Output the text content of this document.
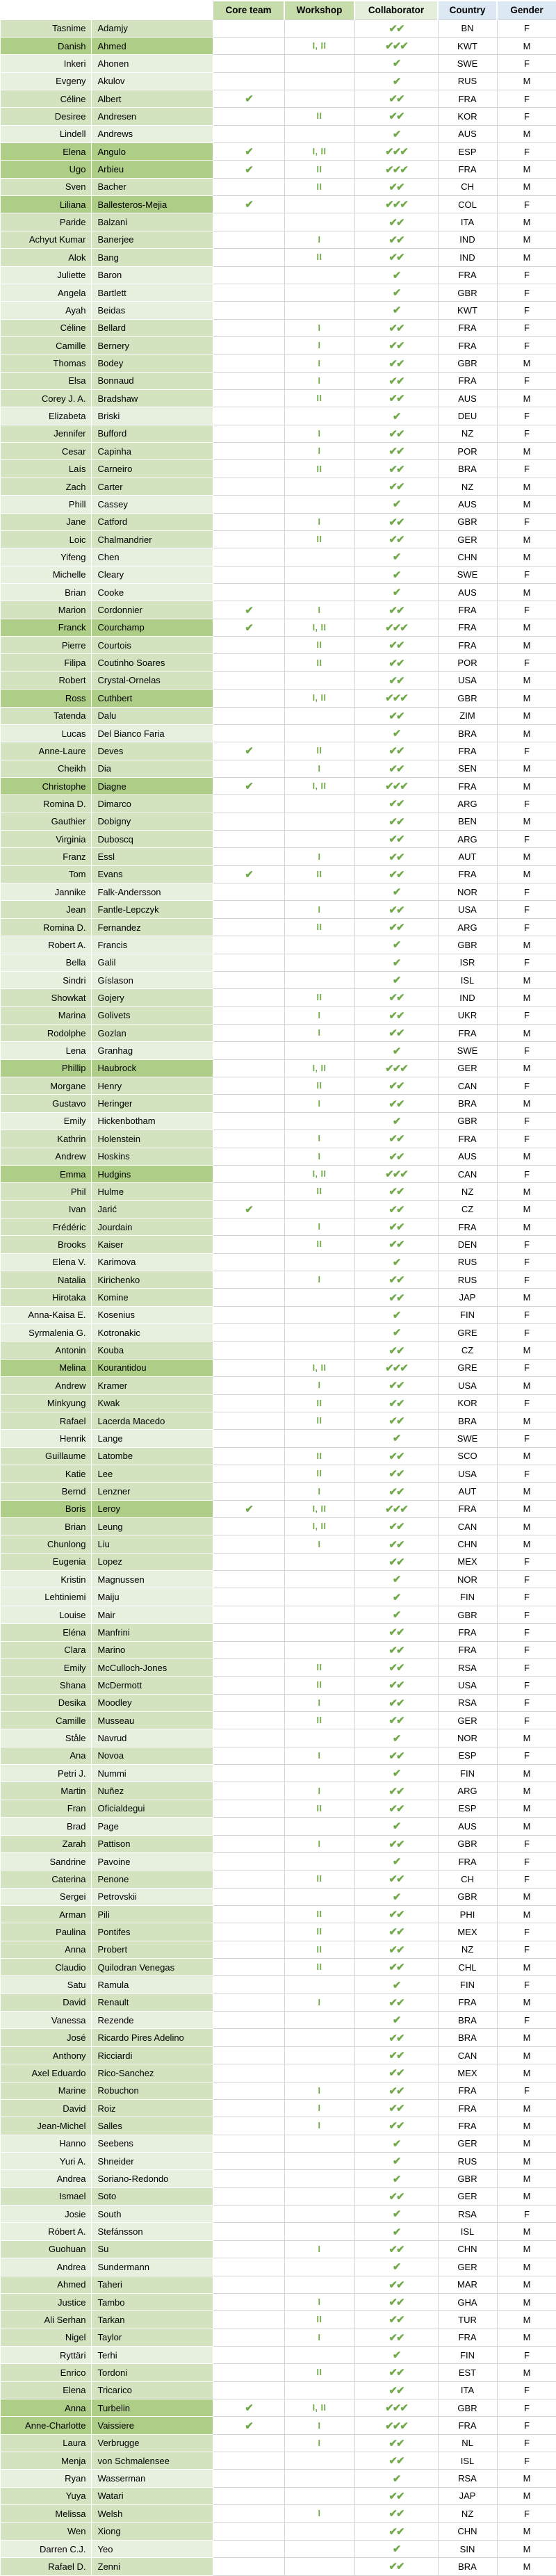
		Core team	Workshop	Collaborator	Country	Gender
Tasnime	Adamjy			✔✔	BN	F
Danish	Ahmed		I, II	✔✔✔	KWT	M
Inkeri	Ahonen			✔	SWE	F
Evgeny	Akulov			✔	RUS	M
Céline	Albert	✔		✔✔	FRA	F
Desiree	Andresen		II	✔✔	KOR	F
Lindell	Andrews			✔	AUS	M
Elena	Angulo	✔	I, II	✔✔✔	ESP	F
Ugo	Arbieu	✔	II	✔✔✔	FRA	M
Sven	Bacher		II	✔✔	CH	M
Liliana	Ballesteros-Mejia	✔		✔✔✔	COL	F
Paride	Balzani			✔✔	ITA	M
Achyut Kumar	Banerjee		I	✔✔	IND	M
Alok	Bang		II	✔✔	IND	M
Juliette	Baron			✔	FRA	F
Angela	Bartlett			✔	GBR	F
Ayah	Beidas			✔	KWT	F
Céline	Bellard		I	✔✔	FRA	F
Camille	Bernery		I	✔✔	FRA	F
Thomas	Bodey		I	✔✔	GBR	M
Elsa	Bonnaud		I	✔✔	FRA	F
Corey J. A.	Bradshaw		II	✔✔	AUS	M
Elizabeta	Briski			✔	DEU	F
Jennifer	Bufford		I	✔✔	NZ	F
Cesar	Capinha		I	✔✔	POR	M
Laís	Carneiro		II	✔✔	BRA	F
Zach	Carter			✔✔	NZ	M
Phill	Cassey			✔	AUS	M
Jane	Catford		I	✔✔	GBR	F
Loic	Chalmandrier		II	✔✔	GER	M
Yifeng	Chen			✔	CHN	M
Michelle	Cleary			✔	SWE	F
Brian	Cooke			✔	AUS	M
Marion	Cordonnier	✔	I	✔✔	FRA	F
Franck	Courchamp	✔	I, II	✔✔✔	FRA	M
Pierre	Courtois		II	✔✔	FRA	M
Filipa	Coutinho Soares		II	✔✔	POR	F
Robert	Crystal-Ornelas			✔✔	USA	M
Ross	Cuthbert		I, II	✔✔✔	GBR	M
Tatenda	Dalu			✔✔	ZIM	M
Lucas	Del Bianco Faria			✔	BRA	M
Anne-Laure	Deves	✔	II	✔✔	FRA	F
Cheikh	Dia		I	✔✔	SEN	M
Christophe	Diagne	✔	I, II	✔✔✔	FRA	M
Romina D.	Dimarco			✔✔	ARG	F
Gauthier	Dobigny			✔✔	BEN	M
Virginia	Duboscq			✔✔	ARG	F
Franz	Essl		I	✔✔	AUT	M
Tom	Evans	✔	II	✔✔	FRA	M
Jannike	Falk-Andersson			✔	NOR	F
Jean	Fantle-Lepczyk		I	✔✔	USA	F
Romina D.	Fernandez		II	✔✔	ARG	F
Robert A.	Francis			✔	GBR	M
Bella	Galil			✔	ISR	F
Sindri	Gíslason			✔	ISL	M
Showkat	Gojery		II	✔✔	IND	M
Marina	Golivets		I	✔✔	UKR	F
Rodolphe	Gozlan		I	✔✔	FRA	M
Lena	Granhag			✔	SWE	F
Phillip	Haubrock		I, II	✔✔✔	GER	M
Morgane	Henry		II	✔✔	CAN	F
Gustavo	Heringer		I	✔✔	BRA	M
Emily	Hickenbotham			✔	GBR	F
Kathrin	Holenstein		I	✔✔	FRA	F
Andrew	Hoskins		I	✔✔	AUS	M
Emma	Hudgins		I, II	✔✔✔	CAN	F
Phil	Hulme		II	✔✔	NZ	M
Ivan	Jarić	✔		✔✔	CZ	M
Frédéric	Jourdain		I	✔✔	FRA	M
Brooks	Kaiser		II	✔✔	DEN	F
Elena V.	Karimova			✔	RUS	F
Natalia	Kirichenko		I	✔✔	RUS	F
Hirotaka	Komine			✔✔	JAP	M
Anna-Kaisa E.	Kosenius			✔	FIN	F
Syrmalenia G.	Kotronakic			✔	GRE	F
Antonin	Kouba			✔✔	CZ	M
Melina	Kourantidou		I, II	✔✔✔	GRE	F
Andrew	Kramer		I	✔✔	USA	M
Minkyung	Kwak		II	✔✔	KOR	F
Rafael	Lacerda Macedo		II	✔✔	BRA	M
Henrik	Lange			✔	SWE	F
Guillaume	Latombe		II	✔✔	SCO	M
Katie	Lee		II	✔✔	USA	F
Bernd	Lenzner		I	✔✔	AUT	M
Boris	Leroy	✔	I, II	✔✔✔	FRA	M
Brian	Leung		I, II	✔✔	CAN	M
Chunlong	Liu		I	✔✔	CHN	M
Eugenia	Lopez			✔✔	MEX	F
Kristin	Magnussen			✔	NOR	F
Lehtiniemi	Maiju			✔	FIN	F
Louise	Mair			✔	GBR	F
Eléna	Manfrini			✔✔	FRA	F
Clara	Marino			✔✔	FRA	F
Emily	McCulloch-Jones		II	✔✔	RSA	F
Shana	McDermott		II	✔✔	USA	F
Desika	Moodley		I	✔✔	RSA	F
Camille	Musseau		II	✔✔	GER	F
Ståle	Navrud			✔	NOR	M
Ana	Novoa		I	✔✔	ESP	F
Petri J.	Nummi			✔	FIN	M
Martin	Nuñez		I	✔✔	ARG	M
Fran	Oficialdegui		II	✔✔	ESP	M
Brad	Page			✔	AUS	M
Zarah	Pattison		I	✔✔	GBR	F
Sandrine	Pavoine			✔	FRA	F
Caterina	Penone		II	✔✔	CH	F
Sergei	Petrovskii			✔	GBR	M
Arman	Pili		II	✔✔	PHI	M
Paulina	Pontifes		II	✔✔	MEX	F
Anna	Probert		II	✔✔	NZ	F
Claudio	Quilodran Venegas		II	✔✔	CHL	M
Satu	Ramula			✔	FIN	F
David	Renault		I	✔✔	FRA	M
Vanessa	Rezende			✔	BRA	F
José	Ricardo Pires Adelino			✔✔	BRA	M
Anthony	Ricciardi			✔✔	CAN	M
Axel Eduardo	Rico-Sanchez			✔✔	MEX	M
Marine	Robuchon		I	✔✔	FRA	F
David	Roiz		I	✔✔	FRA	M
Jean-Michel	Salles		I	✔✔	FRA	M
Hanno	Seebens			✔	GER	M
Yuri A.	Shneider			✔	RUS	M
Andrea	Soriano-Redondo			✔	GBR	M
Ismael	Soto			✔✔	GER	M
Josie	South			✔	RSA	F
Róbert A.	Stefánsson			✔	ISL	M
Guohuan	Su		I	✔✔	CHN	M
Andrea	Sundermann			✔	GER	M
Ahmed	Taheri			✔✔	MAR	M
Justice	Tambo		I	✔✔	GHA	M
Ali Serhan	Tarkan		II	✔✔	TUR	M
Nigel	Taylor		I	✔✔	FRA	M
Ryttäri	Terhi			✔	FIN	F
Enrico	Tordoni		II	✔✔	EST	M
Elena	Tricarico			✔✔	ITA	F
Anna	Turbelin	✔	I, II	✔✔✔	GBR	F
Anne-Charlotte	Vaissiere	✔	I	✔✔✔	FRA	F
Laura	Verbrugge		I	✔✔	NL	F
Menja	von Schmalensee			✔✔	ISL	F
Ryan	Wasserman			✔	RSA	M
Yuya	Watari			✔✔	JAP	M
Melissa	Welsh		I	✔✔	NZ	F
Wen	Xiong			✔✔	CHN	M
Darren C.J.	Yeo			✔	SIN	M
Rafael D.	Zenni			✔✔	BRA	M
